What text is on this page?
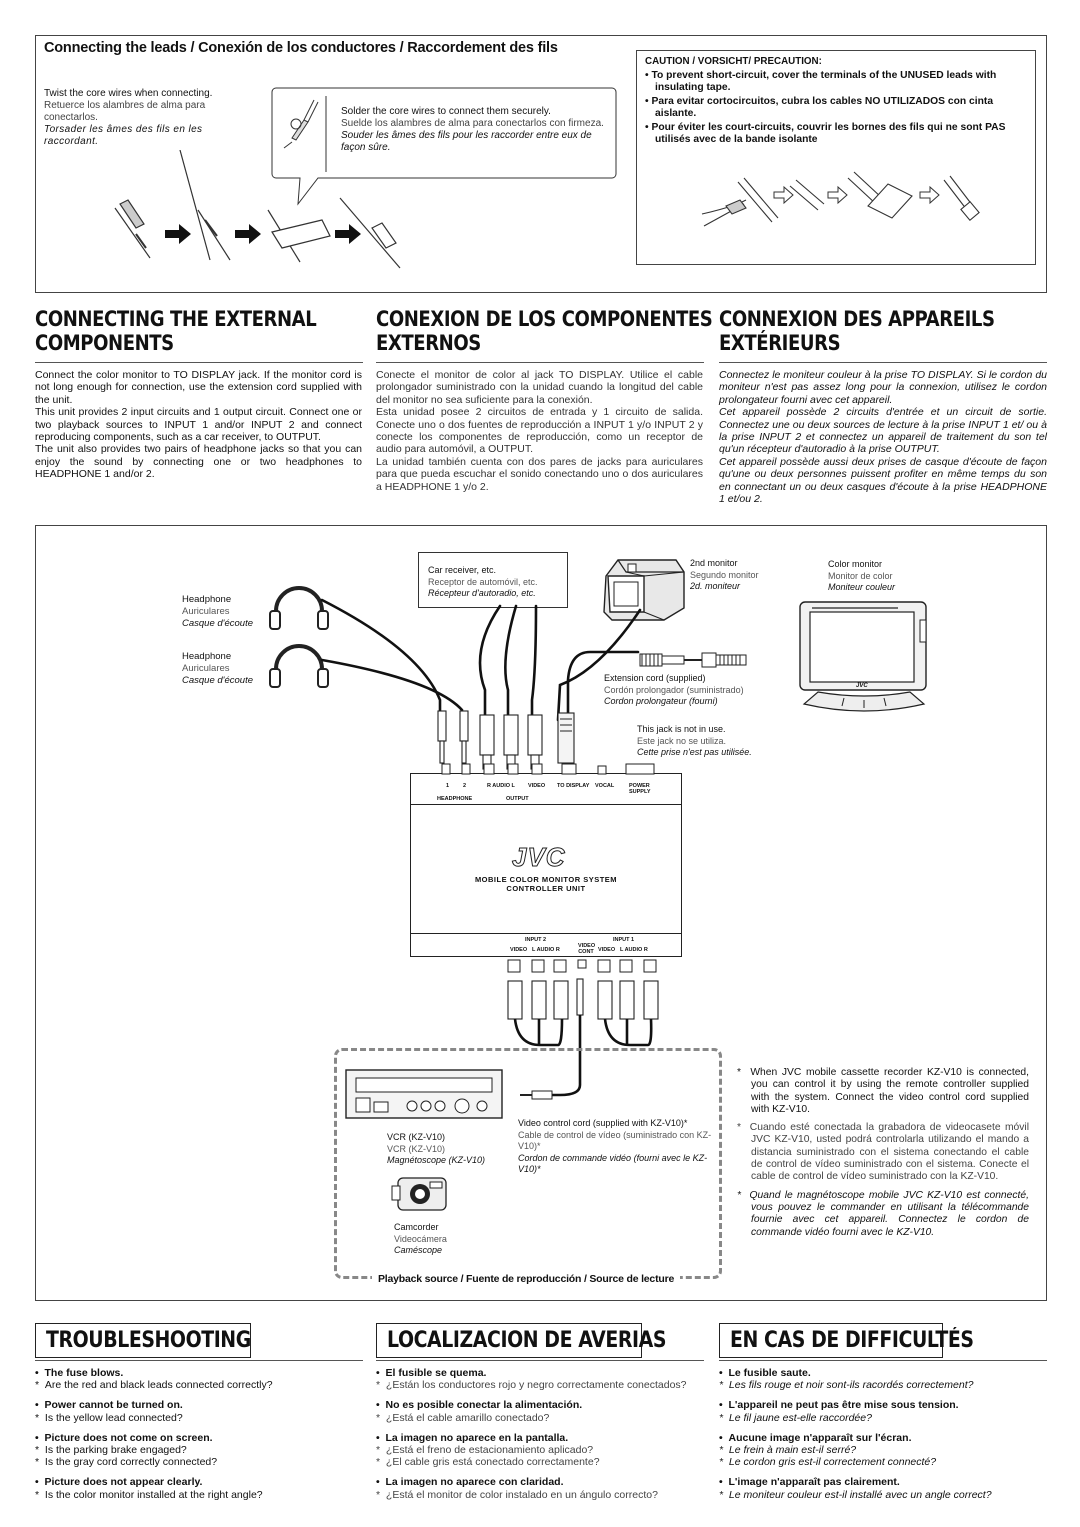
Connecting the leads / Conexión de los conductores / Raccordement des fils
Twist the core wires when connecting.
Retuerce los alambres de alma para conectarlos.
Torsader les âmes des fils en les raccordant.
Solder the core wires to connect them securely.
Suelde los alambres de alma para conectarlos con firmeza.
Souder les âmes des fils pour les raccorder entre eux de façon sûre.
CAUTION / VORSICHT/ PRECAUTION:
• To prevent short-circuit, cover the terminals of the UNUSED leads with insulating tape.
• Para evitar cortocircuitos, cubra los cables NO UTILIZADOS con cinta aislante.
• Pour éviter les court-circuits, couvrir les bornes des fils qui ne sont PAS utilisés avec de la bande isolante
CONNECTING THE EXTERNAL
COMPONENTS
CONEXION DE LOS COMPONENTES
EXTERNOS
CONNEXION DES APPAREILS
EXTÉRIEURS

Connect the color monitor to TO DISPLAY jack. If the monitor cord is not long enough for connection, use the extension cord supplied with the unit.

This unit provides 2 input circuits and 1 output circuit. Connect one or two playback sources to INPUT 1 and/or INPUT 2 and connect reproducing components, such as a car receiver, to OUTPUT.

The unit also provides two pairs of headphone jacks so that you can enjoy the sound by connecting one or two headphones to HEADPHONE 1 and/or 2.

Conecte el monitor de color al jack TO DISPLAY. Utilice el cable prolongador suministrado con la unidad cuando la longitud del cable del monitor no sea suficiente para la conexión.

Esta unidad posee 2 circuitos de entrada y 1 circuito de salida. Conecte uno o dos fuentes de reproducción a INPUT 1 y/o INPUT 2 y conecte los componentes de reproducción, como un receptor de audio para automóvil, a OUTPUT.

La unidad también cuenta con dos pares de jacks para auriculares para que pueda escuchar el sonido conectando uno o dos auriculares a HEADPHONE 1 y/o 2.

Connectez le moniteur couleur à la prise TO DISPLAY. Si le cordon du moniteur n'est pas assez long pour la connexion, utilisez le cordon prolongateur fourni avec cet appareil.

Cet appareil possède 2 circuits d'entrée et un circuit de sortie. Connectez une ou deux sources de lecture à la prise INPUT 1 et/ ou à la prise INPUT 2 et connectez un appareil de traitement du son tel qu'un récepteur d'autoradio à la prise OUTPUT.

Cet appareil possède aussi deux prises de casque d'écoute de façon qu'une ou deux personnes puissent profiter en même temps du son en connectant un ou deux casques d'écoute à la prise HEADPHONE 1 et/ou 2.

Headphone
Auriculares
Casque d'écoute
Headphone
Auriculares
Casque d'écoute
Car receiver, etc.
Receptor de automóvil, etc.
Récepteur d'autoradio, etc.
2nd monitor
Segundo monitor
2d. moniteur
Color monitor
Monitor de color
Moniteur couleur
JVC
Extension cord (supplied)
Cordón prolongador (suministrado)
Cordon prolongateur (fourni)
This jack is not in use.
Este jack no se utiliza.
Cette prise n'est pas utilisée.
1	2	R AUDIO L VIDEO TO DISPLAY VOCAL	POWER SUPPLY
HEADPHONE	OUTPUT
JVC
MOBILE COLOR MONITOR SYSTEM
CONTROLLER UNIT
INPUT 2	INPUT 1
VIDEO L AUDIO R
VIDEO CONT VIDEO L AUDIO R
Playback source / Fuente de reproducción / Source de lecture
VCR (KZ-V10)
VCR (KZ-V10)
Magnétoscope (KZ-V10)
Video control cord (supplied with KZ-V10)*
Cable de control de vídeo (suministrado con KZ-V10)*
Cordon de commande vidéo (fourni avec le KZ-V10)*
Camcorder
Videocámera
Caméscope
*  When JVC mobile cassette recorder KZ-V10 is connected, you can control it by using the remote controller supplied with the system. Connect the video control cord supplied with KZ-V10.
*  Cuando esté conectada la grabadora de videocasete móvil JVC KZ-V10, usted podrá controlarla utilizando el mando a distancia suministrado con el sistema conectando el cable de control de vídeo suministrado con el sistema. Conecte el cable de control de vídeo suministrado con la KZ-V10.
*  Quand le magnétoscope mobile JVC KZ-V10 est connecté, vous pouvez le commander en utilisant la télécommande fournie avec cet appareil. Connectez le cordon de commande vidéo fourni avec le KZ-V10.
TROUBLESHOOTING	LOCALIZACION DE AVERIAS	EN CAS DE DIFFICULTÉS
•  The fuse blows.
*  Are the red and black leads connected correctly?
•  Power cannot be turned on.
*  Is the yellow lead connected?
•  Picture does not come on screen.
*  Is the parking brake engaged?
*  Is the gray cord correctly connected?
•  Picture does not appear clearly.
*  Is the color monitor installed at the right angle?
•  El fusible se quema.
*  ¿Están los conductores rojo y negro correctamente conectados?
•  No es posible conectar la alimentación.
*  ¿Está el cable amarillo conectado?
•  La imagen no aparece en la pantalla.
*  ¿Está el freno de estacionamiento aplicado?
*  ¿El cable gris está conectado correctamente?
•  La imagen no aparece con claridad.
*  ¿Está el monitor de color instalado en un ángulo correcto?
•  Le fusible saute.
*  Les fils rouge et noir sont-ils racordés correctement?
•  L'appareil ne peut pas être mise sous tension.
*  Le fil jaune est-elle raccordée?
•  Aucune image n'apparaît sur l'écran.
*  Le frein à main est-il serré?
*  Le cordon gris est-il correctement connecté?
•  L'image n'apparaît pas clairement.
*  Le moniteur couleur est-il installé avec un angle correct?
